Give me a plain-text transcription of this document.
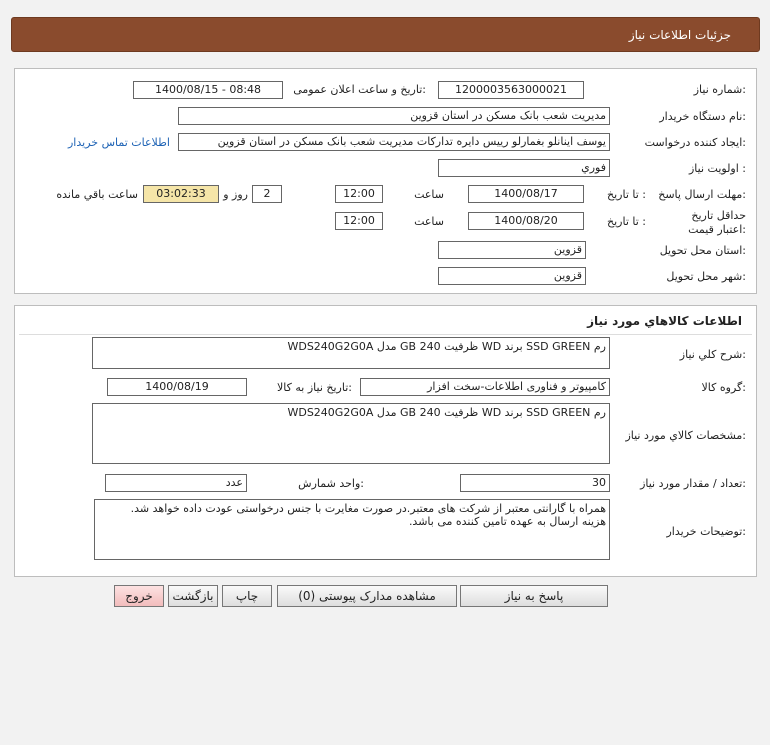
جزئیات اطلاعات نیاز
شماره نیاز:
1200003563000021
تاریخ و ساعت اعلان عمومی:
1400/08/15 - 08:48
نام دستگاه خریدار:
مدیریت شعب بانک مسکن در استان قزوین
ایجاد کننده درخواست:
یوسف اینانلو بغمارلو رییس دایره تدارکات مدیریت شعب بانک مسکن در استان قزوین
اطلاعات تماس خریدار
اولویت نیاز :
فوري
مهلت ارسال پاسخ:
تا تاریخ :
1400/08/17
ساعت
12:00
2
روز و
03:02:33
ساعت باقي مانده
حداقل تاریخ اعتبار قیمت:
تا تاریخ :
1400/08/20
ساعت
12:00
استان محل تحویل:
قزوین
شهر محل تحویل:
قزوین
اطلاعات کالاهاي مورد نياز
شرح کلي نياز:
رم SSD GREEN برند WD ظرفیت 240 GB مدل WDS240G2G0A
گروه کالا:
کامپیوتر و فناوری اطلاعات-سخت افزار
تاریخ نیاز به کالا:
1400/08/19
مشخصات کالاي مورد نياز:
رم SSD GREEN برند WD ظرفیت 240 GB مدل WDS240G2G0A
تعداد / مقدار مورد نیاز:
30
واحد شمارش:
عدد
توضیحات خریدار:
همراه با گارانتی معتبر از شرکت های معتبر.در صورت مغایرت با جنس درخواستی عودت داده خواهد شد.
هزینه ارسال به عهده تامین کننده می باشد.
پاسخ به نیاز
مشاهده مدارک پیوستی (0)
چاپ
بازگشت
خروج
